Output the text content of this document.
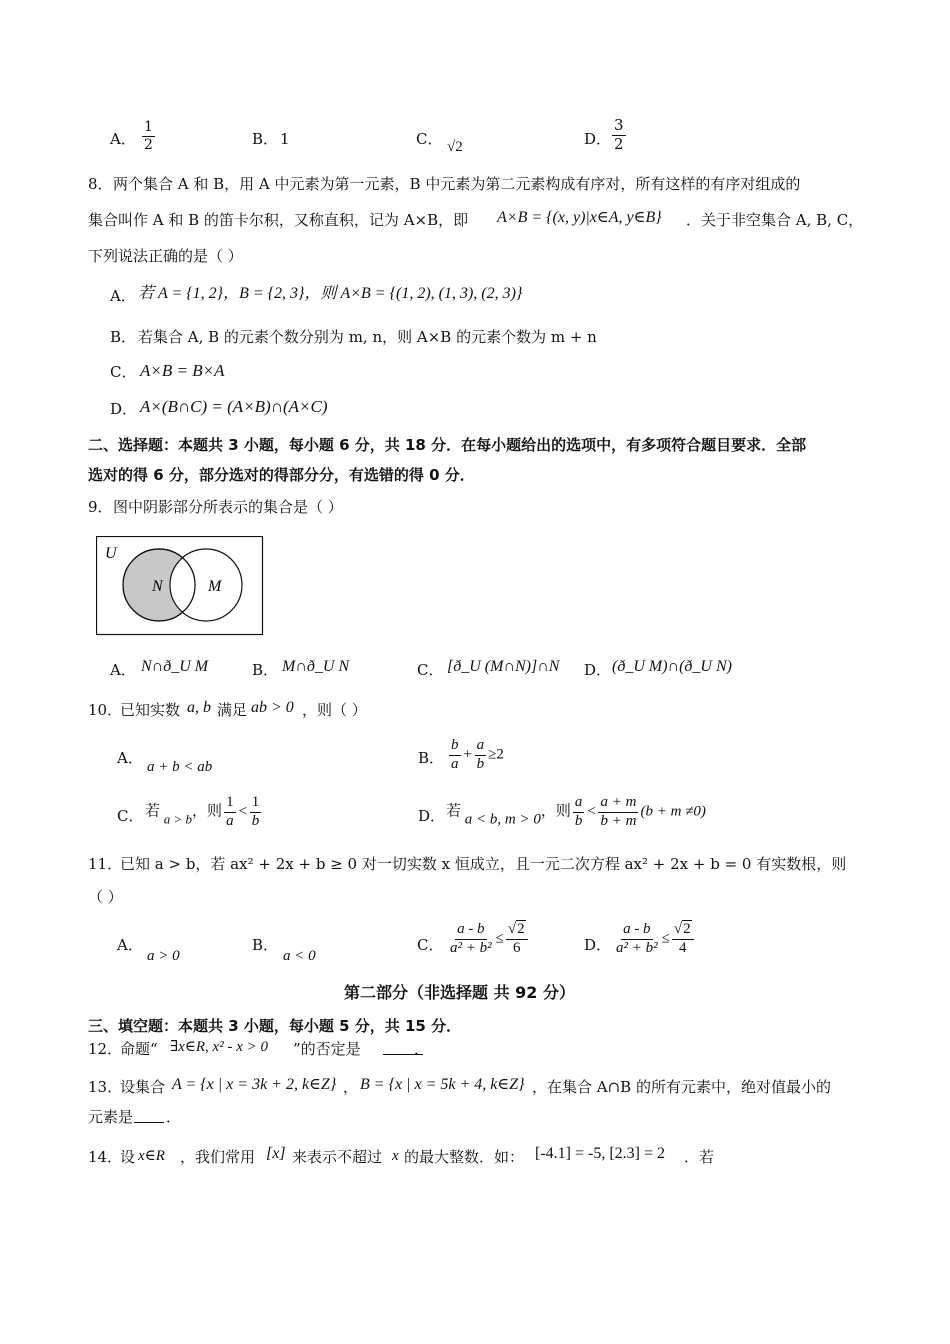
A． $\frac{1}{2}$	B． 1	C． √2	D． $\frac{3}{2}$
8． 两个集合 A 和 B，用 A 中元素为第一元素，B 中元素为第二元素构成有序对，所有这样的有序对组成的
集合叫作 A 和 B 的笛卡尔积，又称直积，记为 A×B，即 A×B = {(x, y)|x∈A, y∈B} ．关于非空集合 A, B, C，
下列说法正确的是（ ）
A． 若 A = {1, 2}，B = {2, 3}，则 A×B = {(1, 2), (1, 3), (2, 3)}
B． 若集合 A, B 的元素个数分别为 m, n，则 A×B 的元素个数为 m + n
C． A×B = B×A
D． A×(B∩C) = (A×B)∩(A×C)
二、选择题：本题共 3 小题，每小题 6 分，共 18 分．在每小题给出的选项中，有多项符合题目要求．全部
选对的得 6 分，部分选对的得部分分，有选错的得 0 分．
9． 图中阴影部分所表示的集合是（ ）
U
N	M
A． N∩ð_U M	B． M∩ð_U N	C． [ð_U (M∩N)]∩N D． (ð_U M)∩(ð_U N)
10．
已知实数 a, b 满足 ab > 0 ，则（ ）
A． a + b < ab	B． $\frac{b}{a} + \frac{a}{b} \ge 2$
C． 若 a > b，则 $\frac{1}{a} < \frac{1}{b}$	D． 若 a < b, m > 0，则 $\frac{a}{b} < \frac{a + m}{b + m} (b + m \ne 0)$
11．
已知 a > b，若 ax² + 2x + b ≥ 0 对一切实数 x 恒成立，且一元二次方程 ax² + 2x + b = 0 有实数根，则
（ ）
A．
a > 0
B．
a < 0
C． $\frac{a - b}{\text{a² + b²}} \le \frac{√2}{6}$	D． $\frac{a - b}{\text{a² + b²}} \le \frac{√2}{4}$
第二部分（非选择题 共 92 分）
三、填空题：本题共 3 小题，每小题 5 分，共 15 分．
12．
命题“ ∃x∈R, x² - x > 0 ”的否定是	．
13．
设集合 A = {x | x = 3k + 2, k∈Z} ， B = {x | x = 5k + 4, k∈Z} ，在集合 A∩B 的所有元素中，绝对值最小的
元素是 ．
14．
设 x∈R ，我们常用 [x] 来表示不超过 x 的最大整数．如： [-4.1] = -5, [2.3] = 2 ．若
